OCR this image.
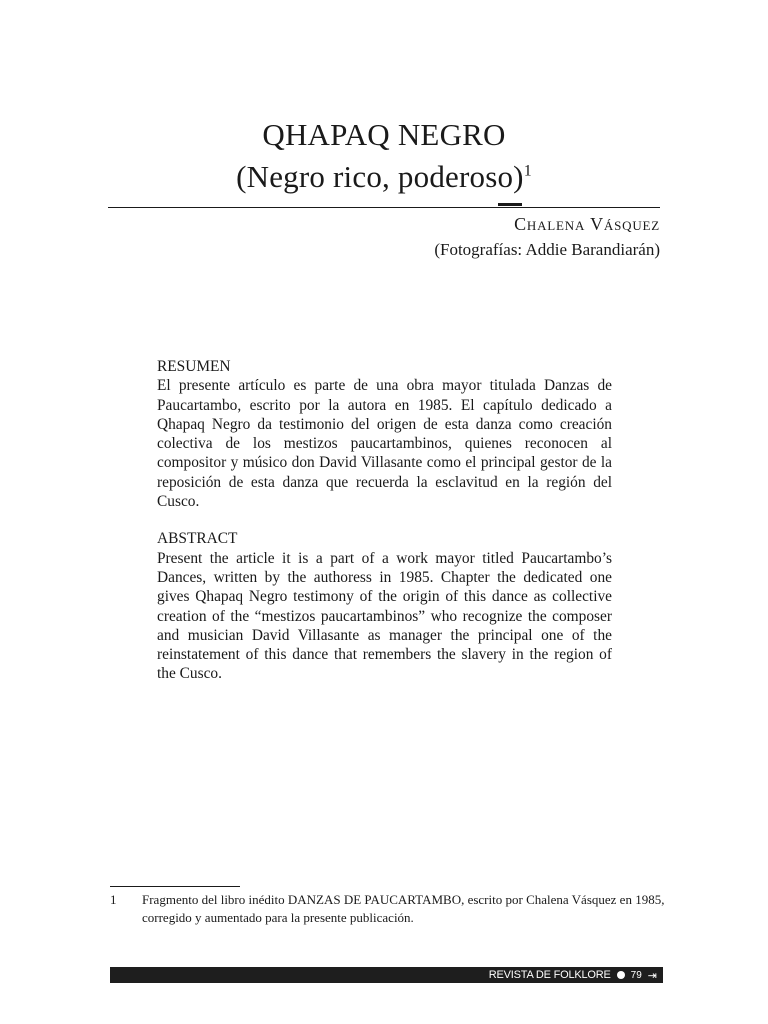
QHAPAQ NEGRO
(Negro rico, poderoso)$^1$
Chalena Vásquez
(Fotografías: Addie Barandiarán)

RESUMEN

El presente artículo es parte de una obra mayor titulada Danzas de Paucartambo, escrito por la autora en 1985. El capítulo dedicado a Qhapaq Negro da testimonio del origen de esta danza como creación colectiva de los mestizos paucartambinos, quienes reconocen al compositor y músico don David Villasante como el principal gestor de la reposición de esta danza que recuerda la esclavitud en la región del Cusco.

ABSTRACT

Present the article it is a part of a work mayor titled Paucartambo’s Dances, written by the authoress in 1985. Chapter the dedicated one gives Qhapaq Negro testimony of the origin of this dance as collective creation of the “mestizos paucartambinos” who recognize the composer and musician David Villasante as manager the principal one of the reinstatement of this dance that remembers the slavery in the region of the Cusco.

1 Fragmento del libro inédito DANZAS DE PAUCARTAMBO, escrito por Chalena Vásquez en 1985, corregido y aumentado para la presente publicación.
REVISTA DE FOLKLORE 79 ⇥
